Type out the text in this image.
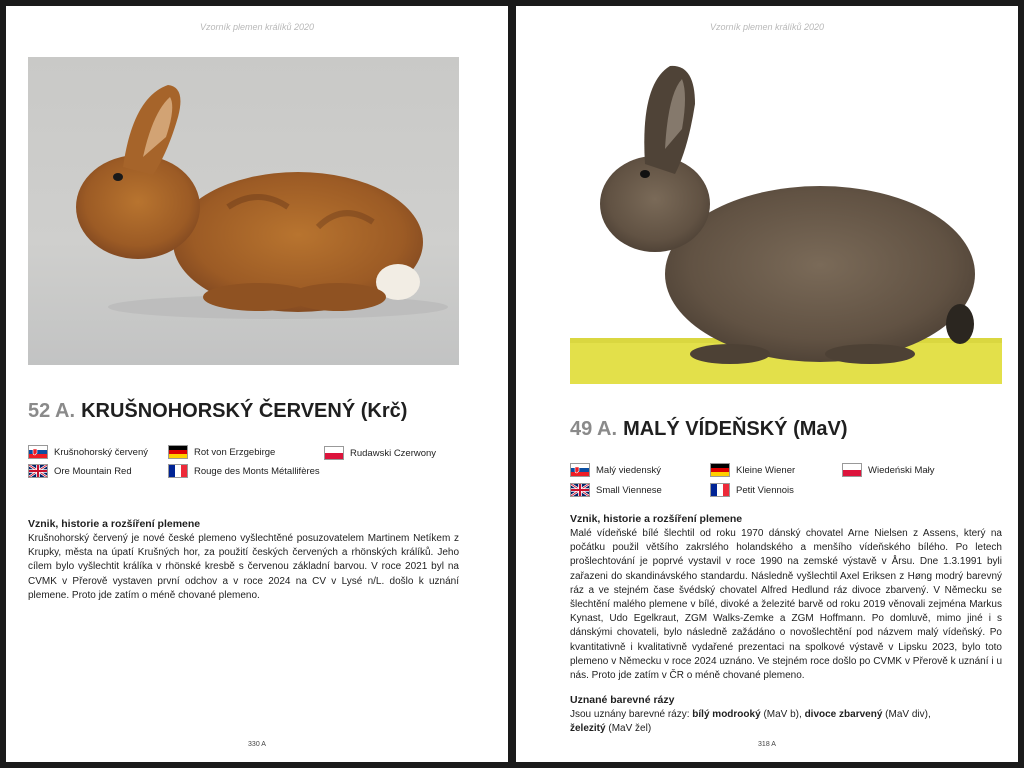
Vzorník plemen králíků 2020
52 A. KRUŠNOHORSKÝ ČERVENÝ (Krč)
Krušnohorský červený	Rot von Erzgebirge	Rudawski Czerwony
Ore Mountain Red	Rouge des Monts Métallifères
Vznik, historie a rozšíření plemene
Krušnohorský červený je nové české plemeno vyšlechtěné posuzovatelem Martinem Netíkem z Krupky, města na úpatí Krušných hor, za použití českých červených a rhönských králíků. Jeho cílem bylo vyšlechtit králíka v rhönské kresbě s červenou základní barvou. V roce 2021 byl na CVMK v Přerově vystaven první odchov a v roce 2024 na CV v Lysé n/L. došlo k uznání plemene. Proto jde zatím o méně chované plemeno.
330 A
Vzorník plemen králíků 2020
49 A. MALÝ VÍDEŇSKÝ (MaV)
Malý viedenský	Kleine Wiener	Wiedeński Mały
Small Viennese	Petit Viennois
Vznik, historie a rozšíření plemene
Malé vídeňské bílé šlechtil od roku 1970 dánský chovatel Arne Nielsen z Assens, který na počátku použil většího zakrslého holandského a menšího vídeňského bílého. Po letech prošlechtování je poprvé vystavil v roce 1990 na zemské výstavě v Årsu. Dne 1.3.1991 byli zařazeni do skandinávského standardu. Následně vyšlechtil Axel Eriksen z Høng modrý barevný ráz a ve stejném čase švédský chovatel Alfred Hedlund ráz divoce zbarvený. V Německu se šlechtění malého plemene v bílé, divoké a železité barvě od roku 2019 věnovali zejména Markus Kynast, Udo Egelkraut, ZGM Walks-Zemke a ZGM Hoffmann. Po domluvě, mimo jiné i s dánskými chovateli, bylo následně zažádáno o novošlechtění pod názvem malý vídeňský. Po kvantitativně i kvalitativně vydařené prezentaci na spolkové výstavě v Lipsku 2023, bylo toto plemeno v Německu v roce 2024 uznáno. Ve stejném roce došlo po CVMK v Přerově k uznání i u nás. Proto jde zatím v ČR o méně chované plemeno.
Uznané barevné rázy
Jsou uznány barevné rázy: bílý modrooký (MaV b), divoce zbarvený (MaV div),
železitý (MaV žel)
318 A
